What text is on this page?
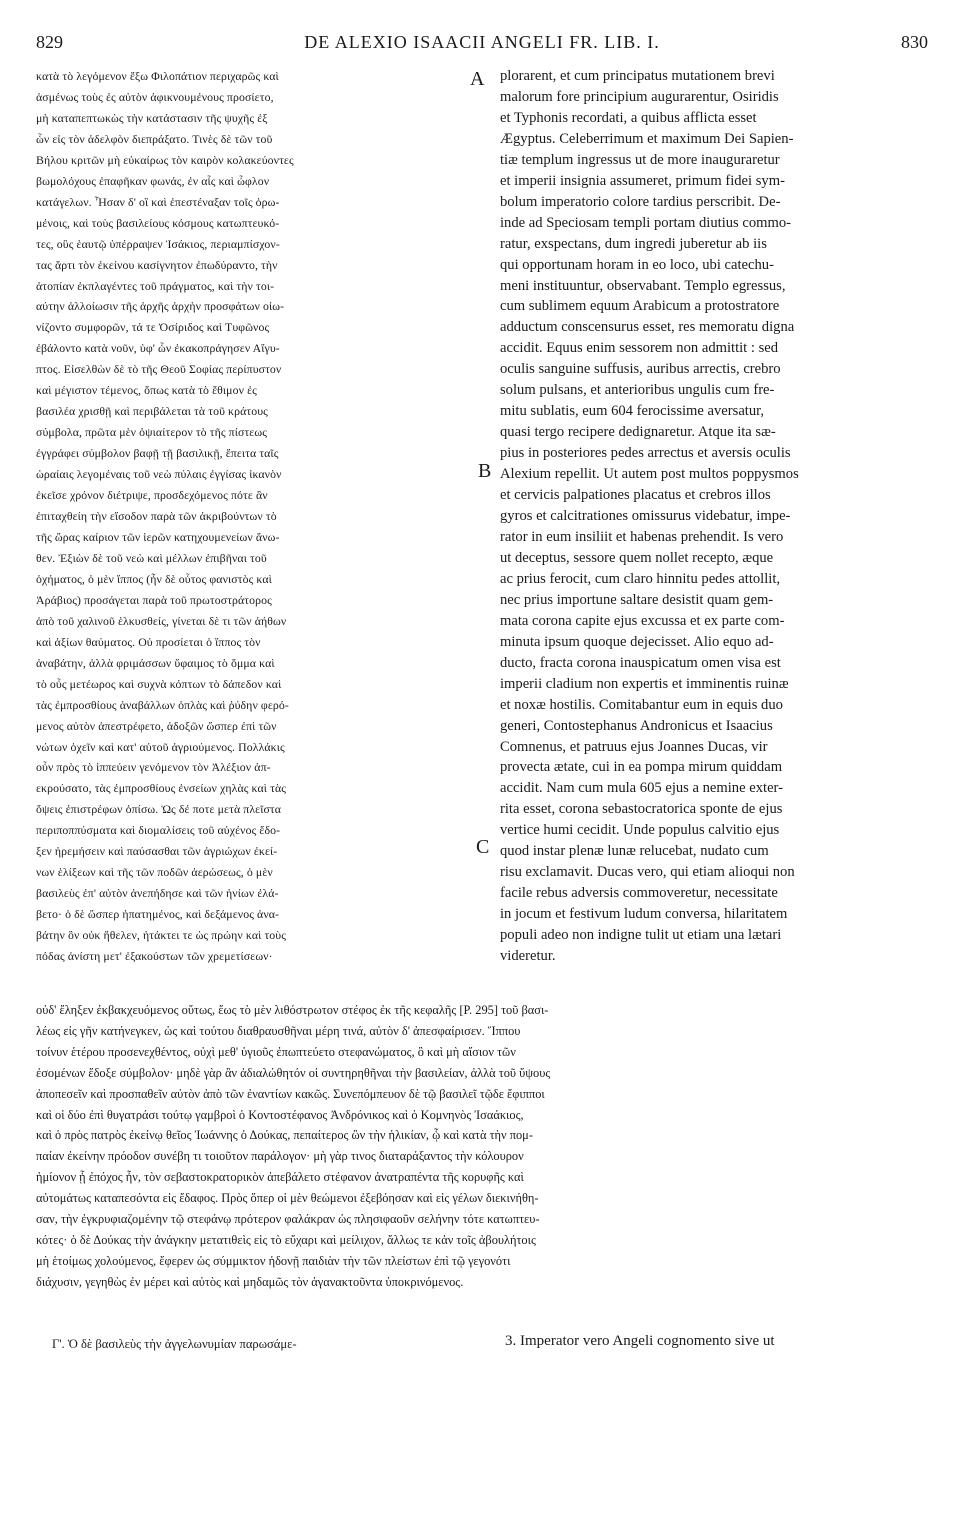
829	DE ALEXIO ISAACII ANGELI FR. LIB. I.	830
κατὰ τὸ λεγόμενον ἔξω Φιλοπάτιον περιχαρῶς καὶ
ἀσμένως τοὺς ἐς αὐτὸν ἀφικνουμένους προσίετο,
μὴ καταπεπτωκὼς τὴν κατάστασιν τῆς ψυχῆς ἐξ
ὧν εἰς τὸν ἀδελφὸν διεπράξατο. Τινὲς δὲ τῶν τοῦ
Βήλου κριτῶν μὴ εὐκαίρως τὸν καιρὸν κολακεύοντες
βωμολόχους ἐπαφῆκαν φωνάς, ἐν αἷς καὶ ὦφλον
κατάγελων. Ἦσαν δ' οἳ καὶ ἐπεστέναξαν τοῖς ὁρω-
μένοις, καὶ τοὺς βασιλείους κόσμους κατωπτευκό-
τες, οὓς ἑαυτῷ ὑπέρραψεν Ἰσάκιος, περιαμπίσχον-
τας ἄρτι τὸν ἐκείνου κασίγνητον ἐπωδύραντο, τὴν
ἀτοπίαν ἐκπλαγέντες τοῦ πράγματος, καὶ τὴν τοι-
αύτην ἀλλοίωσιν τῆς ἀρχῆς ἀρχὴν προσφάτων οἰω-
νίζοντο συμφορῶν, τά τε Ὀσίριδος καὶ Τυφῶνος
ἐβάλοντο κατὰ νοῦν, ὑφ' ὧν ἐκακοπράγησεν Αἴγυ-
πτος. Εἰσελθὼν δὲ τὸ τῆς Θεοῦ Σοφίας περίπυστον
καὶ μέγιστον τέμενος, ὅπως κατὰ τὸ ἔθιμον ἐς
βασιλέα χρισθῇ καὶ περιβάλεται τὰ τοῦ κράτους
σύμβολα, πρῶτα μὲν ὀψιαίτερον τὸ τῆς πίστεως
ἐγγράφει σύμβολον βαφῇ τῇ βασιλικῇ, ἔπειτα ταῖς
ὡραίαις λεγομέναις τοῦ νεὼ πύλαις ἐγγίσας ἱκανὸν
ἐκεῖσε χρόνον διέτριψε, προσδεχόμενος πότε ἂν
ἐπιταχθείη τὴν εἴσοδον παρὰ τῶν ἀκριβούντων τὸ
τῆς ὥρας καίριον τῶν ἱερῶν κατηχουμενείων ἄνω-
θεν. Ἐξιὼν δὲ τοῦ νεὼ καὶ μέλλων ἐπιβῆναι τοῦ
ὀχήματος, ὁ μὲν ἵππος (ἦν δὲ οὗτος φανιστὸς καὶ
Ἀράβιος) προσάγεται παρὰ τοῦ πρωτοστράτορος
ἀπὸ τοῦ χαλινοῦ ἑλκυσθείς, γίνεται δὲ τι τῶν ἀήθων
καὶ ἀξίων θαύματος. Οὐ προσίεται ὁ ἵππος τὸν
ἀναβάτην, ἀλλὰ φριμάσσων ὕφαιμος τὸ ὄμμα καὶ
τὸ οὖς μετέωρος καὶ συχνὰ κόπτων τὸ δάπεδον καὶ
τὰς ἐμπροσθίους ἀναβάλλων ὁπλὰς καὶ ῥύδην φερό-
μενος αὐτὸν ἀπεστρέφετο, ἀδοξῶν ὥσπερ ἐπὶ τῶν
νώτων ὀχεῖν καὶ κατ' αὐτοῦ ἀγριούμενος. Πολλάκις
οὖν πρὸς τὸ ἱππεύειν γενόμενον τὸν Ἀλέξιον ἀπ-
εκρούσατο, τὰς ἐμπροσθίους ἐνσείων χηλὰς καὶ τὰς
ὄψεις ἐπιστρέφων ὀπίσω. Ὡς δέ ποτε μετὰ πλεῖστα
περιποππύσματα καὶ διομαλίσεις τοῦ αὐχένος ἔδο-
ξεν ἠρεμήσειν καὶ παύσασθαι τῶν ἀγριώχων ἐκεί-
νων ἑλίξεων καὶ τῆς τῶν ποδῶν ἀερώσεως, ὁ μὲν
βασιλεὺς ἐπ' αὐτὸν ἀνεπήδησε καὶ τῶν ἡνίων ἐλά-
βετο· ὁ δὲ ὥσπερ ἡπατημένος, καὶ δεξάμενος ἀνα-
βάτην ὃν οὐκ ἤθελεν, ἠτάκτει τε ὡς πρώην καὶ τοὺς
πόδας ἀνίστη μετ' ἐξακούστων τῶν χρεμετίσεων·
plorarent, et cum principatus mutationem brevi
malorum fore principium augurarentur, Osiridis
et Typhonis recordati, a quibus afflicta esset
Ægyptus. Celeberrimum et maximum Dei Sapien-
tiæ templum ingressus ut de more inauguraretur
et imperii insignia assumeret, primum fidei sym-
bolum imperatorio colore tardius perscribit. De-
inde ad Speciosam templi portam diutius commo-
ratur, exspectans, dum ingredi juberetur ab iis
qui opportunam horam in eo loco, ubi catechu-
meni instituuntur, observabant. Templo egressus,
cum sublimem equum Arabicum a protostratore
adductum conscensurus esset, res memoratu digna
accidit. Equus enim sessorem non admittit : sed
oculis sanguine suffusis, auribus arrectis, crebro
solum pulsans, et anterioribus ungulis cum fre-
mitu sublatis, eum 604 ferocissime aversatur,
quasi tergo recipere dedignaretur. Atque ita sæ-
pius in posteriores pedes arrectus et aversis oculis
Alexium repellit. Ut autem post multos poppysmos
et cervicis palpationes placatus et crebros illos
gyros et calcitrationes omissurus videbatur, impe-
rator in eum insiliit et habenas prehendit. Is vero
ut deceptus, sessore quem nollet recepto, æque
ac prius ferocit, cum claro hinnitu pedes attollit,
nec prius importune saltare desistit quam gem-
mata corona capite ejus excussa et ex parte com-
minuta ipsum quoque dejecisset. Alio equo ad-
ducto, fracta corona inauspicatum omen visa est
imperii cladium non expertis et imminentis ruinæ
et noxæ hostilis. Comitabantur eum in equis duo
generi, Contostephanus Andronicus et Isaacius
Comnenus, et patruus ejus Joannes Ducas, vir
provecta ætate, cui in ea pompa mirum quiddam
accidit. Nam cum mula 605 ejus a nemine exter-
rita esset, corona sebastocratorica sponte de ejus
vertice humi cecidit. Unde populus calvitio ejus
quod instar plenæ lunæ relucebat, nudato cum
risu exclamavit. Ducas vero, qui etiam alioqui non
facile rebus adversis commoveretur, necessitate
in jocum et festivum ludum conversa, hilaritatem
populi adeo non indigne tulit ut etiam una lætari
videretur.
A
B
C
οὐδ' ἔληξεν ἐκβακχευόμενος οὕτως, ἕως τὸ μὲν λιθόστρωτον στέφος ἐκ τῆς κεφαλῆς [P. 295] τοῦ βασι-
λέως εἰς γῆν κατήνεγκεν, ὡς καὶ τούτου διαθραυσθῆναι μέρη τινά, αὐτὸν δ' ἀπεσφαίρισεν. Ἵππου
τοίνυν ἑτέρου προσενεχθέντος, οὐχὶ μεθ' ὑγιοῦς ἐπωπτεύετο στεφανώματος, ὃ καὶ μὴ αἴσιον τῶν
ἐσομένων ἔδοξε σύμβολον· μηδὲ γὰρ ἂν ἀδιαλώθητόν οἱ συντηρηθῆναι τὴν βασιλείαν, ἀλλὰ τοῦ ὕψους
ἀποπεσεῖν καὶ προσπαθεῖν αὐτὸν ἀπὸ τῶν ἐναντίων κακῶς. Συνεπόμπευον δὲ τῷ βασιλεῖ τῷδε ἔφιπποι
καὶ οἱ δύο ἐπὶ θυγατράσι τούτῳ γαμβροὶ ὁ Κοντοστέφανος Ἀνδρόνικος καὶ ὁ Κομνηνὸς Ἰσαάκιος,
καὶ ὁ πρὸς πατρὸς ἐκείνῳ θεῖος Ἰωάννης ὁ Δούκας, πεπαίτερος ὢν τὴν ἡλικίαν, ᾧ καὶ κατὰ τὴν πομ-
παίαν ἐκείνην πρόοδον συνέβη τι τοιοῦτον παράλογον· μὴ γὰρ τινος διαταράξαντος τὴν κόλουρον
ἡμίονον ᾗ ἐπόχος ἦν, τὸν σεβαστοκρατορικὸν ἀπεβάλετο στέφανον ἀνατραπέντα τῆς κορυφῆς καὶ
αὐτομάτως καταπεσόντα εἰς ἔδαφος. Πρὸς ὅπερ οἱ μὲν θεώμενοι ἐξεβόησαν καὶ εἰς γέλων διεκινήθη-
σαν, τὴν ἐγκρυφιαζομένην τῷ στεφάνῳ πρότερον φαλάκραν ὡς πλησιφαοῦν σελήνην τότε κατωπτευ-
κότες· ὁ δὲ Δούκας τὴν ἀνάγκην μετατιθεὶς εἰς τὸ εὔχαρι καὶ μείλιχον, ἄλλως τε κἀν τοῖς ἀβουλήτοις
μὴ ἑτοίμως χολούμενος, ἔφερεν ὡς σύμμικτον ἡδονῇ παιδιὰν τὴν τῶν πλείστων ἐπὶ τῷ γεγονότι
διάχυσιν, γεγηθὼς ἐν μέρει καὶ αὐτὸς καὶ μηδαμῶς τὸν ἀγανακτοῦντα ὑποκρινόμενος.
Γ'. Ὁ δὲ βασιλεὺς τὴν ἀγγελωνυμίαν παρωσάμε-	3. Imperator vero Angeli cognomento sive ut
